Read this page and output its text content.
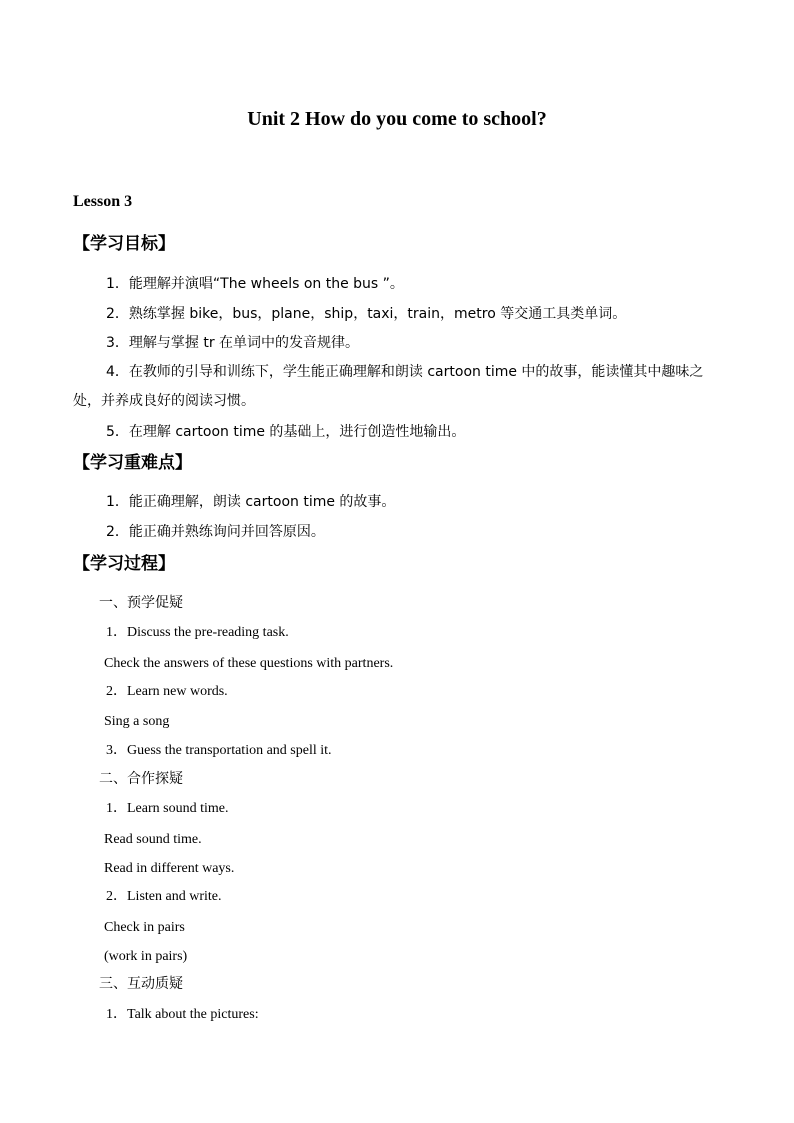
Unit 2 How do you come to school?
Lesson 3
【学习目标】
1．能理解并演唱“The wheels on the bus ”。
2．熟练掌握 bike，bus，plane，ship，taxi，train，metro 等交通工具类单词。
3．理解与掌握 tr 在单词中的发音规律。
4．在教师的引导和训练下，学生能正确理解和朗读 cartoon time 中的故事，能读懂其中趣味之处，并养成良好的阅读习惯。
5．在理解 cartoon time 的基础上，进行创造性地输出。
【学习重难点】
1．能正确理解，朗读 cartoon time 的故事。
2．能正确并熟练询问并回答原因。
【学习过程】
一、预学促疑
1．Discuss the pre-reading task.
Check the answers of these questions with partners.
2．Learn new words.
Sing a song
3．Guess the transportation and spell it.
二、合作探疑
1．Learn sound time.
Read sound time.
Read in different ways.
2．Listen and write.
Check in pairs
(work in pairs)
三、互动质疑
1．Talk about the pictures:
